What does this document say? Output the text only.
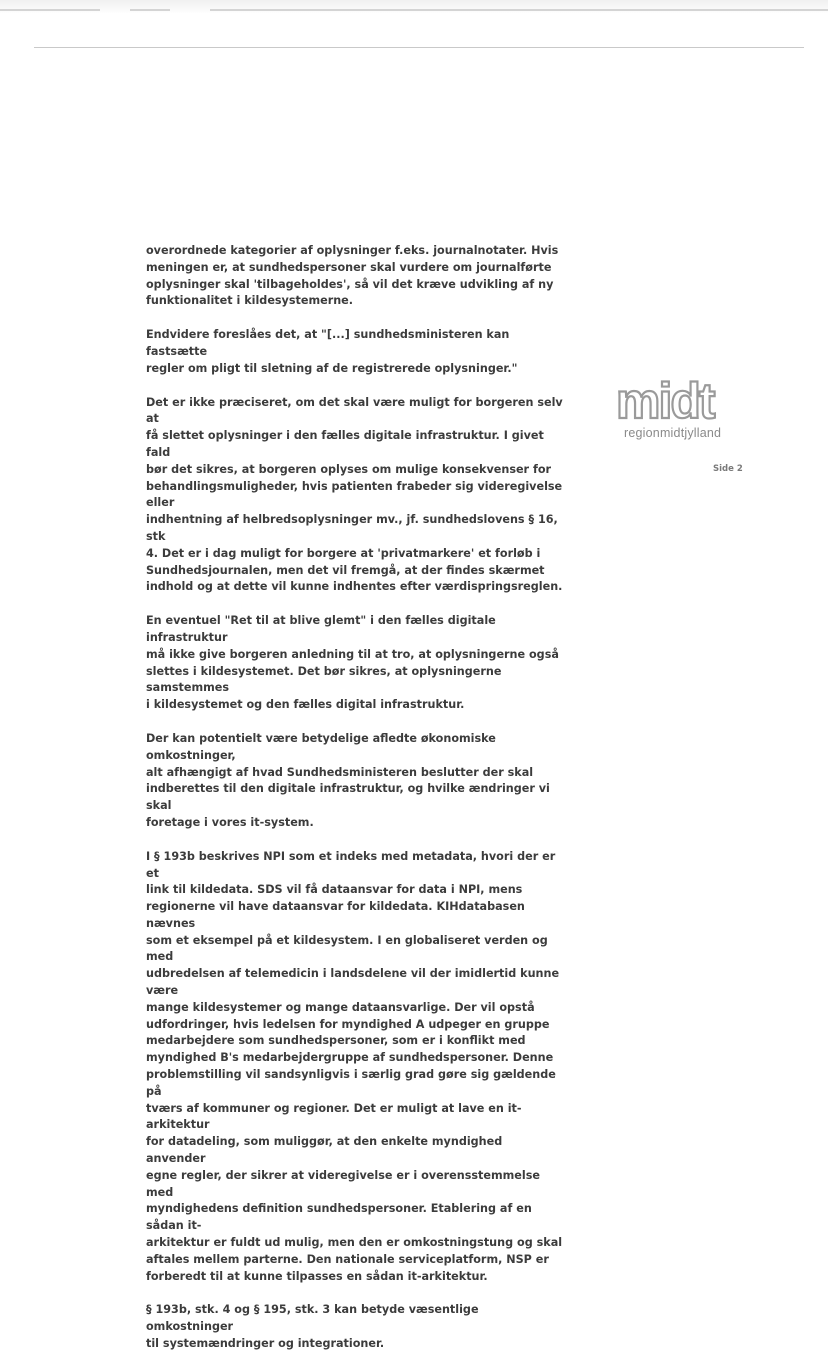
midt
regionmidtjylland
Side 2

overordnede kategorier af oplysninger f.eks. journalnotater. Hvis
meningen er, at sundhedspersoner skal vurdere om journalførte
oplysninger skal 'tilbageholdes', så vil det kræve udvikling af ny
funktionalitet i kildesystemerne.

Endvidere foreslåes det, at "[...] sundhedsministeren kan fastsætte
regler om pligt til sletning af de registrerede oplysninger."

Det er ikke præciseret, om det skal være muligt for borgeren selv at
få slettet oplysninger i den fælles digitale infrastruktur. I givet fald
bør det sikres, at borgeren oplyses om mulige konsekvenser for
behandlingsmuligheder, hvis patienten frabeder sig videregivelse eller
indhentning af helbredsoplysninger mv., jf. sundhedslovens § 16, stk
4. Det er i dag muligt for borgere at 'privatmarkere' et forløb i
Sundhedsjournalen, men det vil fremgå, at der findes skærmet
indhold og at dette vil kunne indhentes efter værdispringsreglen.

En eventuel "Ret til at blive glemt" i den fælles digitale infrastruktur
må ikke give borgeren anledning til at tro, at oplysningerne også
slettes i kildesystemet. Det bør sikres, at oplysningerne samstemmes
i kildesystemet og den fælles digital infrastruktur.

Der kan potentielt være betydelige afledte økonomiske omkostninger,
alt afhængigt af hvad Sundhedsministeren beslutter der skal
indberettes til den digitale infrastruktur, og hvilke ændringer vi skal
foretage i vores it-system.

I § 193b beskrives NPI som et indeks med metadata, hvori der er et
link til kildedata. SDS vil få dataansvar for data i NPI, mens
regionerne vil have dataansvar for kildedata. KIHdatabasen nævnes
som et eksempel på et kildesystem. I en globaliseret verden og med
udbredelsen af telemedicin i landsdelene vil der imidlertid kunne være
mange kildesystemer og mange dataansvarlige. Der vil opstå
udfordringer, hvis ledelsen for myndighed A udpeger en gruppe
medarbejdere som sundhedspersoner, som er i konflikt med
myndighed B's medarbejdergruppe af sundhedspersoner. Denne
problemstilling vil sandsynligvis i særlig grad gøre sig gældende på
tværs af kommuner og regioner. Det er muligt at lave en it-arkitektur
for datadeling, som muliggør, at den enkelte myndighed anvender
egne regler, der sikrer at videregivelse er i overensstemmelse med
myndighedens definition sundhedspersoner. Etablering af en sådan it-
arkitektur er fuldt ud mulig, men den er omkostningstung og skal
aftales mellem parterne. Den nationale serviceplatform, NSP er
forberedt til at kunne tilpasses en sådan it-arkitektur.

§ 193b, stk. 4 og § 195, stk. 3 kan betyde væsentlige omkostninger
til systemændringer og integrationer.
